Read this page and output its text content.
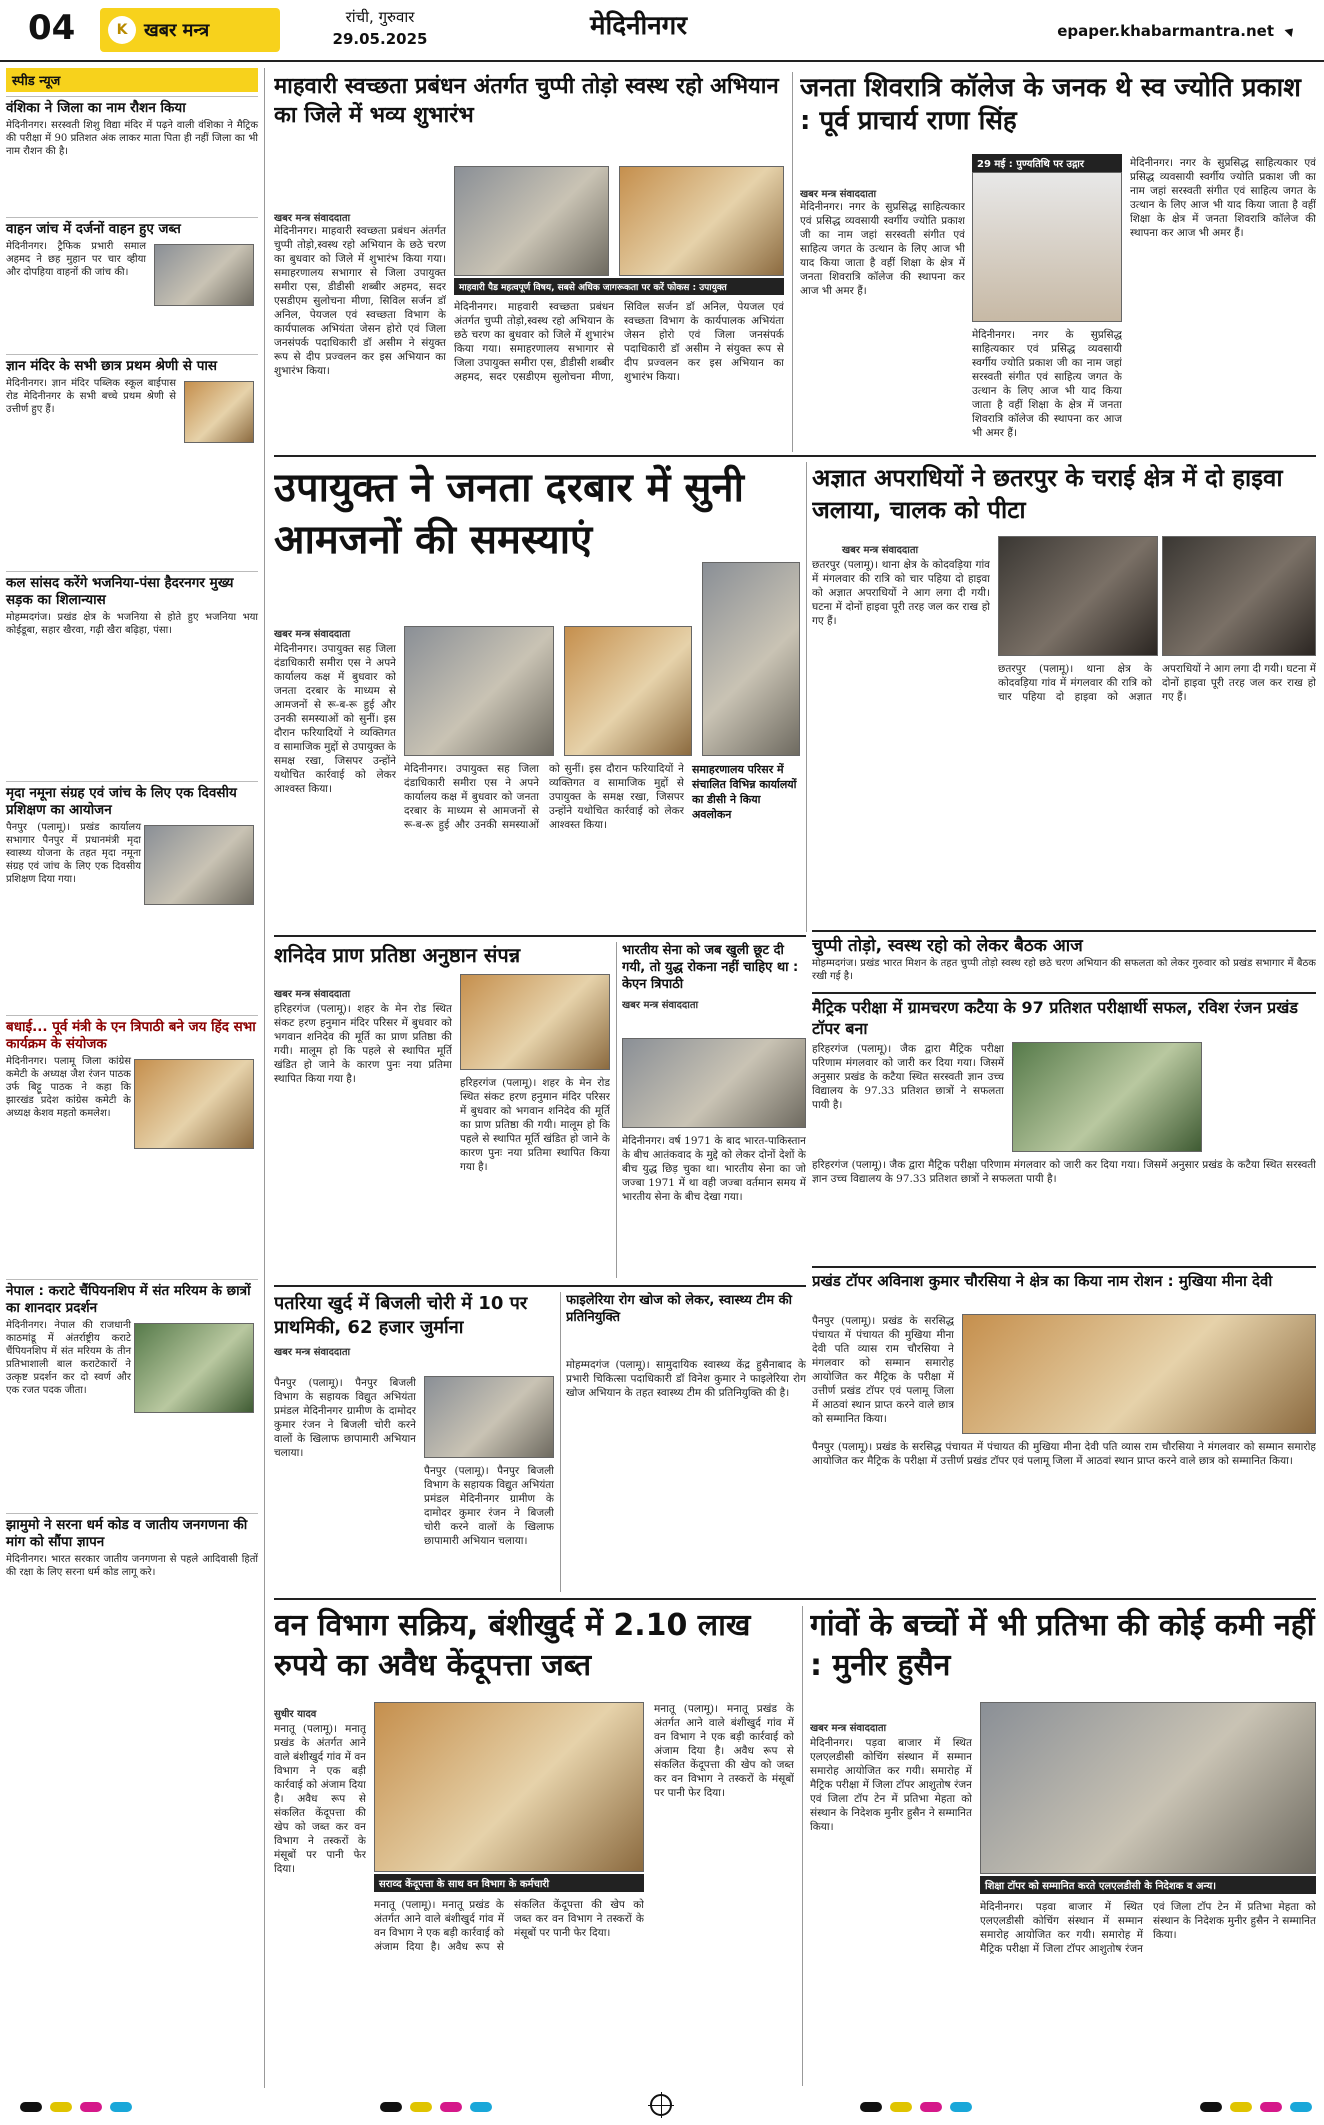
04	K खबर मन्त्र
रांची, गुरुवार
29.05.2025	मेदिनीनगर	epaper.khabarmantra.net
स्पीड न्यूज
वंशिका ने जिला का नाम रौशन किया
मेदिनीनगर। सरस्वती शिशु विद्या मंदिर में पढ़ने वाली वंशिका ने मैट्रिक की परीक्षा में 90 प्रतिशत अंक लाकर माता पिता ही नहीं जिला का भी नाम रौशन की है।
वाहन जांच में दर्जनों वाहन हुए जब्त
मेदिनीनगर। ट्रैफिक प्रभारी समाल अहमद ने छह मुहान पर चार व्हीया और दोपहिया वाहनों की जांच की।
ज्ञान मंदिर के सभी छात्र प्रथम श्रेणी से पास
मेदिनीनगर। ज्ञान मंदिर पब्लिक स्कूल बाईपास रोड मेदिनीनगर के सभी बच्चे प्रथम श्रेणी से उत्तीर्ण हुए हैं।
कल सांसद करेंगे भजनिया-पंसा हैदरनगर मुख्य सड़क का शिलान्यास
मोहम्मदगंज। प्रखंड क्षेत्र के भजनिया से होते हुए भजनिया भया कोईडूबा, सहार खैरवा, गढ़ी खैरा बढ़िहा, पंसा।
मृदा नमूना संग्रह एवं जांच के लिए एक दिवसीय प्रशिक्षण का आयोजन
पैनपुर (पलामू)। प्रखंड कार्यालय सभागार पैनपुर में प्रधानमंत्री मृदा स्वास्थ्य योजना के तहत मृदा नमूना संग्रह एवं जांच के लिए एक दिवसीय प्रशिक्षण दिया गया।
बधाई... पूर्व मंत्री के एन त्रिपाठी बने जय हिंद सभा कार्यक्रम के संयोजक
मेदिनीनगर। पलामू जिला कांग्रेस कमेटी के अध्यक्ष जैश रंजन पाठक उर्फ बिट्टू पाठक ने कहा कि झारखंड प्रदेश कांग्रेस कमेटी के अध्यक्ष केशव महतो कमलेश।
नेपाल : कराटे चैंपियनशिप में संत मरियम के छात्रों का शानदार प्रदर्शन
मेदिनीनगर। नेपाल की राजधानी काठमांडू में अंतर्राष्ट्रीय कराटे चैंपियनशिप में संत मरियम के तीन प्रतिभाशाली बाल कराटेकारों ने उत्कृष्ट प्रदर्शन कर दो स्वर्ण और एक रजत पदक जीता।
झामुमो ने सरना धर्म कोड व जातीय जनगणना की मांग को सौंपा ज्ञापन
मेदिनीनगर। भारत सरकार जातीय जनगणना से पहले आदिवासी हितों की रक्षा के लिए सरना धर्म कोड लागू करे।
माहवारी स्वच्छता प्रबंधन अंतर्गत चुप्पी तोड़ो स्वस्थ रहो अभियान का जिले में भव्य शुभारंभ
माहवारी पैड महत्वपूर्ण विषय, सबसे अधिक जागरूकता पर करें फोकस : उपायुक्त
खबर मन्त्र संवाददाता
मेदिनीनगर। माहवारी स्वच्छता प्रबंधन अंतर्गत चुप्पी तोड़ो,स्वस्थ रहो अभियान के छठे चरण का बुधवार को जिले में शुभारंभ किया गया। समाहरणालय सभागार से जिला उपायुक्त समीरा एस, डीडीसी शब्बीर अहमद, सदर एसडीएम सुलोचना मीणा, सिविल सर्जन डॉ अनिल, पेयजल एवं स्वच्छता विभाग के कार्यपालक अभियंता जेसन होरो एवं जिला जनसंपर्क पदाधिकारी डॉ असीम ने संयुक्त रूप से दीप प्रज्वलन कर इस अभियान का शुभारंभ किया।
मेदिनीनगर। माहवारी स्वच्छता प्रबंधन अंतर्गत चुप्पी तोड़ो,स्वस्थ रहो अभियान के छठे चरण का बुधवार को जिले में शुभारंभ किया गया। समाहरणालय सभागार से जिला उपायुक्त समीरा एस, डीडीसी शब्बीर अहमद, सदर एसडीएम सुलोचना मीणा, सिविल सर्जन डॉ अनिल, पेयजल एवं स्वच्छता विभाग के कार्यपालक अभियंता जेसन होरो एवं जिला जनसंपर्क पदाधिकारी डॉ असीम ने संयुक्त रूप से दीप प्रज्वलन कर इस अभियान का शुभारंभ किया।
जनता शिवरात्रि कॉलेज के जनक थे स्व ज्योति प्रकाश : पूर्व प्राचार्य राणा सिंह
29 मई : पुण्यतिथि पर उद्गार
खबर मन्त्र संवाददाता
मेदिनीनगर। नगर के सुप्रसिद्ध साहित्यकार एवं प्रसिद्ध व्यवसायी स्वर्गीय ज्योति प्रकाश जी का नाम जहां सरस्वती संगीत एवं साहित्य जगत के उत्थान के लिए आज भी याद किया जाता है वहीं शिक्षा के क्षेत्र में जनता शिवरात्रि कॉलेज की स्थापना कर आज भी अमर हैं।
मेदिनीनगर। नगर के सुप्रसिद्ध साहित्यकार एवं प्रसिद्ध व्यवसायी स्वर्गीय ज्योति प्रकाश जी का नाम जहां सरस्वती संगीत एवं साहित्य जगत के उत्थान के लिए आज भी याद किया जाता है वहीं शिक्षा के क्षेत्र में जनता शिवरात्रि कॉलेज की स्थापना कर आज भी अमर हैं।
मेदिनीनगर। नगर के सुप्रसिद्ध साहित्यकार एवं प्रसिद्ध व्यवसायी स्वर्गीय ज्योति प्रकाश जी का नाम जहां सरस्वती संगीत एवं साहित्य जगत के उत्थान के लिए आज भी याद किया जाता है वहीं शिक्षा के क्षेत्र में जनता शिवरात्रि कॉलेज की स्थापना कर आज भी अमर हैं।
उपायुक्त ने जनता दरबार में सुनी आमजनों की समस्याएं
खबर मन्त्र संवाददाता
मेदिनीनगर। उपायुक्त सह जिला दंडाधिकारी समीरा एस ने अपने कार्यालय कक्ष में बुधवार को जनता दरबार के माध्यम से आमजनों से रू-ब-रू हुई और उनकी समस्याओं को सुनीं। इस दौरान फरियादियों ने व्यक्तिगत व सामाजिक मुद्दों से उपायुक्त के समक्ष रखा, जिसपर उन्होंने यथोचित कार्रवाई को लेकर आश्वस्त किया।
मेदिनीनगर। उपायुक्त सह जिला दंडाधिकारी समीरा एस ने अपने कार्यालय कक्ष में बुधवार को जनता दरबार के माध्यम से आमजनों से रू-ब-रू हुई और उनकी समस्याओं को सुनीं। इस दौरान फरियादियों ने व्यक्तिगत व सामाजिक मुद्दों से उपायुक्त के समक्ष रखा, जिसपर उन्होंने यथोचित कार्रवाई को लेकर आश्वस्त किया।
समाहरणालय परिसर में संचालित विभिन्न कार्यालयों का डीसी ने किया अवलोकन
अज्ञात अपराधियों ने छतरपुर के चराई क्षेत्र में दो हाइवा जलाया, चालक को पीटा
खबर मन्त्र संवाददाता
छतरपुर (पलामू)। थाना क्षेत्र के कोदवड़िया गांव में मंगलवार की रात्रि को चार पहिया दो हाइवा को अज्ञात अपराधियों ने आग लगा दी गयी। घटना में दोनों हाइवा पूरी तरह जल कर राख हो गए हैं।
छतरपुर (पलामू)। थाना क्षेत्र के कोदवड़िया गांव में मंगलवार की रात्रि को चार पहिया दो हाइवा को अज्ञात अपराधियों ने आग लगा दी गयी। घटना में दोनों हाइवा पूरी तरह जल कर राख हो गए हैं।
चुप्पी तोड़ो, स्वस्थ रहो को लेकर बैठक आज
मोहम्मदगंज। प्रखंड भारत मिशन के तहत चुप्पी तोड़ो स्वस्थ रहो छठे चरण अभियान की सफलता को लेकर गुरुवार को प्रखंड सभागार में बैठक रखी गई है।
मैट्रिक परीक्षा में ग्रामचरण कटैया के 97 प्रतिशत परीक्षार्थी सफल, रविश रंजन प्रखंड टॉपर बना
हरिहरगंज (पलामू)। जैक द्वारा मैट्रिक परीक्षा परिणाम मंगलवार को जारी कर दिया गया। जिसमें अनुसार प्रखंड के कटैया स्थित सरस्वती ज्ञान उच्च विद्यालय के 97.33 प्रतिशत छात्रों ने सफलता पायी है।
हरिहरगंज (पलामू)। जैक द्वारा मैट्रिक परीक्षा परिणाम मंगलवार को जारी कर दिया गया। जिसमें अनुसार प्रखंड के कटैया स्थित सरस्वती ज्ञान उच्च विद्यालय के 97.33 प्रतिशत छात्रों ने सफलता पायी है।
प्रखंड टॉपर अविनाश कुमार चौरसिया ने क्षेत्र का किया नाम रोशन : मुखिया मीना देवी
पैनपुर (पलामू)। प्रखंड के सरसिद्ध पंचायत में पंचायत की मुखिया मीना देवी पति व्यास राम चौरसिया ने मंगलवार को सम्मान समारोह आयोजित कर मैट्रिक के परीक्षा में उत्तीर्ण प्रखंड टॉपर एवं पलामू जिला में आठवां स्थान प्राप्त करने वाले छात्र को सम्मानित किया।
पैनपुर (पलामू)। प्रखंड के सरसिद्ध पंचायत में पंचायत की मुखिया मीना देवी पति व्यास राम चौरसिया ने मंगलवार को सम्मान समारोह आयोजित कर मैट्रिक के परीक्षा में उत्तीर्ण प्रखंड टॉपर एवं पलामू जिला में आठवां स्थान प्राप्त करने वाले छात्र को सम्मानित किया।
शनिदेव प्राण प्रतिष्ठा अनुष्ठान संपन्न
खबर मन्त्र संवाददाता
हरिहरगंज (पलामू)। शहर के मेन रोड स्थित संकट हरण हनुमान मंदिर परिसर में बुधवार को भगवान शनिदेव की मूर्ति का प्राण प्रतिष्ठा की गयी। मालूम हो कि पहले से स्थापित मूर्ति खंडित हो जाने के कारण पुनः नया प्रतिमा स्थापित किया गया है।	हरिहरगंज (पलामू)। शहर के मेन रोड स्थित संकट हरण हनुमान मंदिर परिसर में बुधवार को भगवान शनिदेव की मूर्ति का प्राण प्रतिष्ठा की गयी। मालूम हो कि पहले से स्थापित मूर्ति खंडित हो जाने के कारण पुनः नया प्रतिमा स्थापित किया गया है।
भारतीय सेना को जब खुली छूट दी गयी, तो युद्ध रोकना नहीं चाहिए था : केएन त्रिपाठी
खबर मन्त्र संवाददाता
मेदिनीनगर। वर्ष 1971 के बाद भारत-पाकिस्तान के बीच आतंकवाद के मुद्दे को लेकर दोनों देशों के बीच युद्ध छिड़ चुका था। भारतीय सेना का जो जज्बा 1971 में था वही जज्बा वर्तमान समय में भारतीय सेना के बीच देखा गया।
पतरिया खुर्द में बिजली चोरी में 10 पर प्राथमिकी, 62 हजार जुर्माना
खबर मन्त्र संवाददाता
पैनपुर (पलामू)। पैनपुर बिजली विभाग के सहायक विद्युत अभियंता प्रमंडल मेदिनीनगर ग्रामीण के दामोदर कुमार रंजन ने बिजली चोरी करने वालों के खिलाफ छापामारी अभियान चलाया।
पैनपुर (पलामू)। पैनपुर बिजली विभाग के सहायक विद्युत अभियंता प्रमंडल मेदिनीनगर ग्रामीण के दामोदर कुमार रंजन ने बिजली चोरी करने वालों के खिलाफ छापामारी अभियान चलाया।
फाइलेरिया रोग खोज को लेकर, स्वास्थ्य टीम की प्रतिनियुक्ति
मोहम्मदगंज (पलामू)। सामुदायिक स्वास्थ्य केंद्र हुसैनाबाद के प्रभारी चिकित्सा पदाधिकारी डॉ विनेश कुमार ने फाइलेरिया रोग खोज अभियान के तहत स्वास्थ्य टीम की प्रतिनियुक्ति की है।
वन विभाग सक्रिय, बंशीखुर्द में 2.10 लाख रुपये का अवैध केंदूपत्ता जब्त
सुधीर यादव
सराव्द केंदूपत्ता के साथ वन विभाग के कर्मचारी
मनातू (पलामू)। मनातू प्रखंड के अंतर्गत आने वाले बंशीखुर्द गांव में वन विभाग ने एक बड़ी कार्रवाई को अंजाम दिया है। अवैध रूप से संकलित केंदूपत्ता की खेप को जब्त कर वन विभाग ने तस्करों के मंसूबों पर पानी फेर दिया।
मनातू (पलामू)। मनातू प्रखंड के अंतर्गत आने वाले बंशीखुर्द गांव में वन विभाग ने एक बड़ी कार्रवाई को अंजाम दिया है। अवैध रूप से संकलित केंदूपत्ता की खेप को जब्त कर वन विभाग ने तस्करों के मंसूबों पर पानी फेर दिया।
मनातू (पलामू)। मनातू प्रखंड के अंतर्गत आने वाले बंशीखुर्द गांव में वन विभाग ने एक बड़ी कार्रवाई को अंजाम दिया है। अवैध रूप से संकलित केंदूपत्ता की खेप को जब्त कर वन विभाग ने तस्करों के मंसूबों पर पानी फेर दिया।
गांवों के बच्चों में भी प्रतिभा की कोई कमी नहीं : मुनीर हुसैन
खबर मन्त्र संवाददाता
शिक्षा टॉपर को सम्मानित करते एलएलडीसी के निदेशक व अन्य।
मेदिनीनगर। पड़वा बाजार में स्थित एलएलडीसी कोचिंग संस्थान में सम्मान समारोह आयोजित कर गयी। समारोह में मैट्रिक परीक्षा में जिला टॉपर आशुतोष रंजन एवं जिला टॉप टेन में प्रतिभा मेहता को संस्थान के निदेशक मुनीर हुसैन ने सम्मानित किया।
मेदिनीनगर। पड़वा बाजार में स्थित एलएलडीसी कोचिंग संस्थान में सम्मान समारोह आयोजित कर गयी। समारोह में मैट्रिक परीक्षा में जिला टॉपर आशुतोष रंजन एवं जिला टॉप टेन में प्रतिभा मेहता को संस्थान के निदेशक मुनीर हुसैन ने सम्मानित किया।
